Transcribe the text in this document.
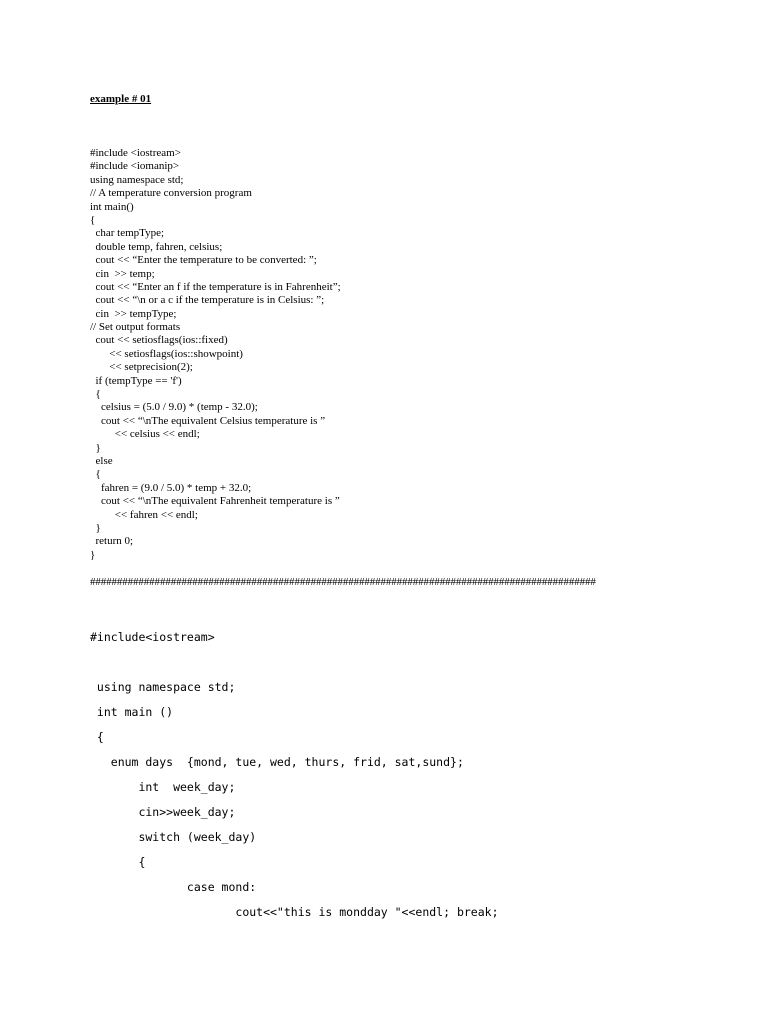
example # 01
#include <iostream>
#include <iomanip>
using namespace std;
// A temperature conversion program
int main()
{
char tempType;
double temp, fahren, celsius;
cout << “Enter the temperature to be converted: ”;
cin  >> temp;
cout << “Enter an f if the temperature is in Fahrenheit”;
cout << “\n or a c if the temperature is in Celsius: ”;
cin  >> tempType;
// Set output formats
cout << setiosflags(ios::fixed)
<< setiosflags(ios::showpoint)
<< setprecision(2);
if (tempType == 'f')
{
celsius = (5.0 / 9.0) * (temp - 32.0);
cout << “\nThe equivalent Celsius temperature is ”
<< celsius << endl;
}
else
{
fahren = (9.0 / 5.0) * temp + 32.0;
cout << “\nThe equivalent Fahrenheit temperature is ”
<< fahren << endl;
}
return 0;
}
##############################################################################################
#include<iostream>
using namespace std;
int main ()
{
enum days  {mond, tue, wed, thurs, frid, sat,sund};
int  week_day;
cin>>week_day;
switch (week_day)
{
case mond:
cout<<"this is mondday "<<endl; break;
